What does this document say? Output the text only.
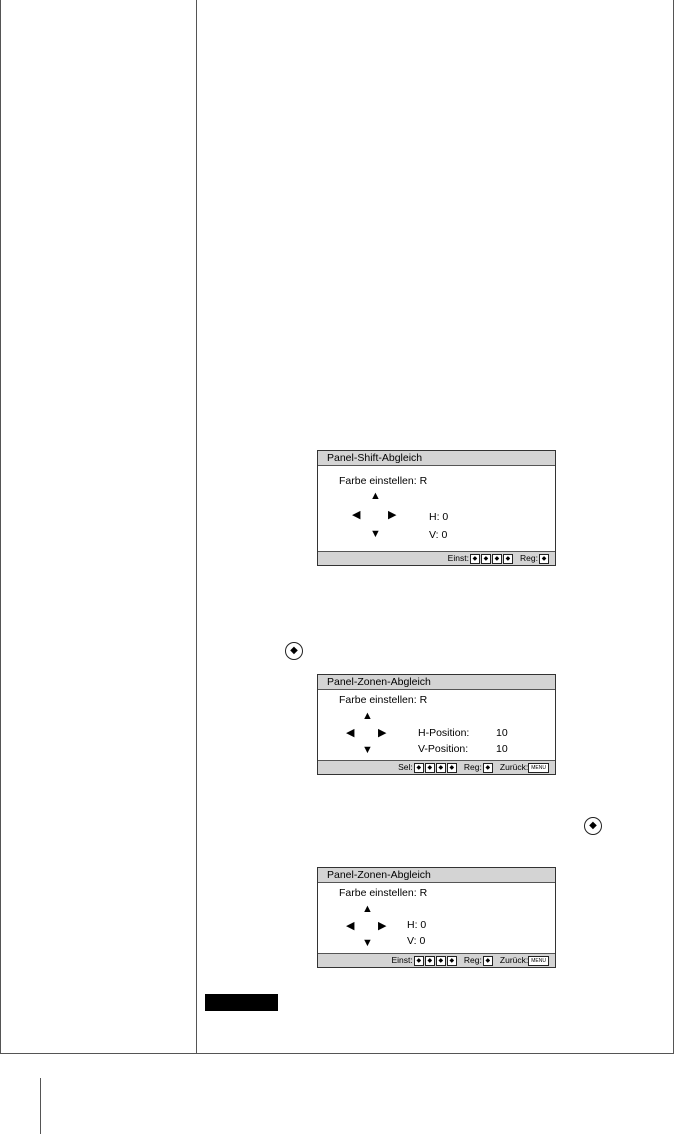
Panel-Shift-Abgleich
Farbe einstellen: R
▲
◀	▶
▼
H: 0
V: 0
Einst: ◆ ◆ ◆ ◆ Reg: ◆
◆
Panel-Zonen-Abgleich
Farbe einstellen: R
▲
◀ ▶
▼
H-Position:	10
V-Position:	10
Sel: ◆ ◆ ◆ ◆ Reg: ◆ Zurück: MENU
◆
Panel-Zonen-Abgleich
Farbe einstellen: R
▲
◀ ▶
▼
H: 0
V: 0
Einst: ◆ ◆ ◆ ◆ Reg: ◆ Zurück: MENU
